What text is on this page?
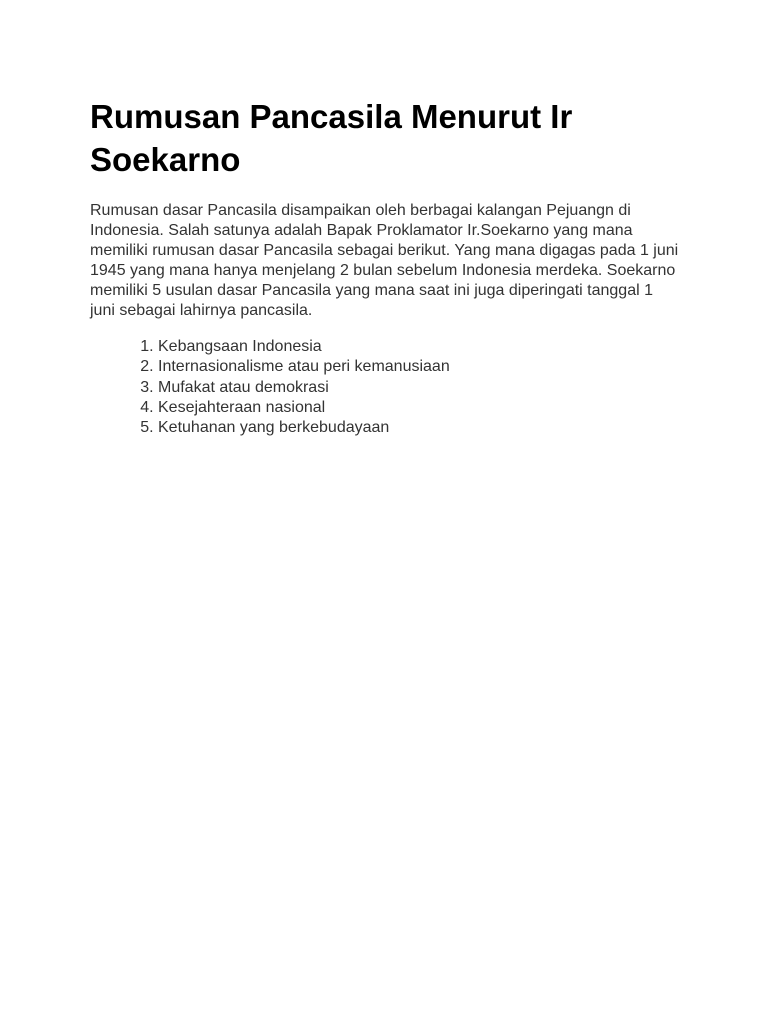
Rumusan Pancasila Menurut Ir Soekarno

Rumusan dasar Pancasila disampaikan oleh berbagai kalangan Pejuangn di Indonesia. Salah satunya adalah Bapak Proklamator Ir.Soekarno yang mana memiliki rumusan dasar Pancasila sebagai berikut. Yang mana digagas pada 1 juni 1945 yang mana hanya menjelang 2 bulan sebelum Indonesia merdeka. Soekarno memiliki 5 usulan dasar Pancasila yang mana saat ini juga diperingati tanggal 1 juni sebagai lahirnya pancasila.

1. Kebangsaan Indonesia
2. Internasionalisme atau peri kemanusiaan
3. Mufakat atau demokrasi
4. Kesejahteraan nasional
5. Ketuhanan yang berkebudayaan
